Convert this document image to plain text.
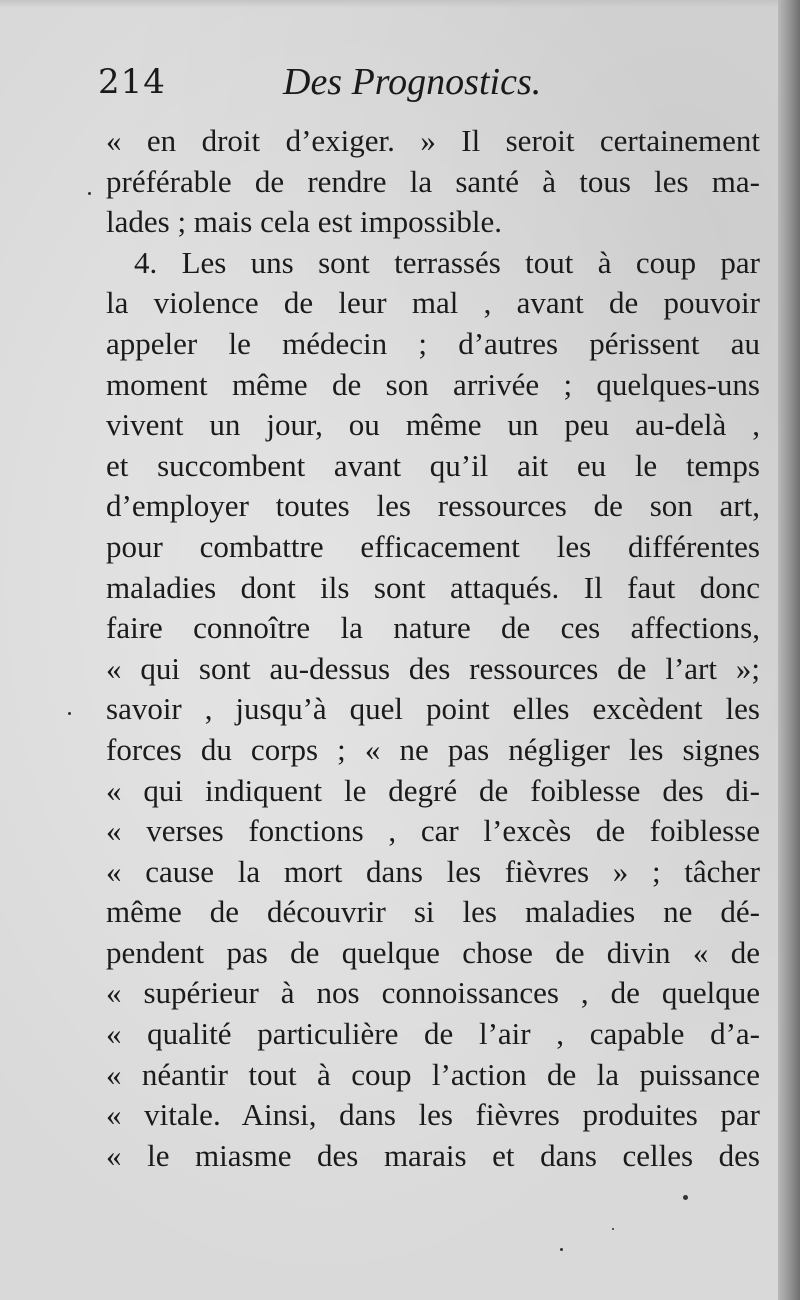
214	Des Prognostics.
« en droit d’exiger. » Il seroit certainement
préférable de rendre la santé à tous les ma-
lades ; mais cela est impossible.
4. Les uns sont terrassés tout à coup par
la violence de leur mal , avant de pouvoir
appeler le médecin ; d’autres périssent au
moment même de son arrivée ; quelques-uns
vivent un jour, ou même un peu au-delà ,
et succombent avant qu’il ait eu le temps
d’employer toutes les ressources de son art,
pour combattre efficacement les différentes
maladies dont ils sont attaqués. Il faut donc
faire connoître la nature de ces affections,
« qui sont au-dessus des ressources de l’art »;
savoir , jusqu’à quel point elles excèdent les
forces du corps ; « ne pas négliger les signes
« qui indiquent le degré de foiblesse des di-
« verses fonctions , car l’excès de foiblesse
« cause la mort dans les fièvres » ; tâcher
même de découvrir si les maladies ne dé-
pendent pas de quelque chose de divin « de
« supérieur à nos connoissances , de quelque
« qualité particulière de l’air , capable d’a-
« néantir tout à coup l’action de la puissance
« vitale. Ainsi, dans les fièvres produites par
« le miasme des marais et dans celles des
